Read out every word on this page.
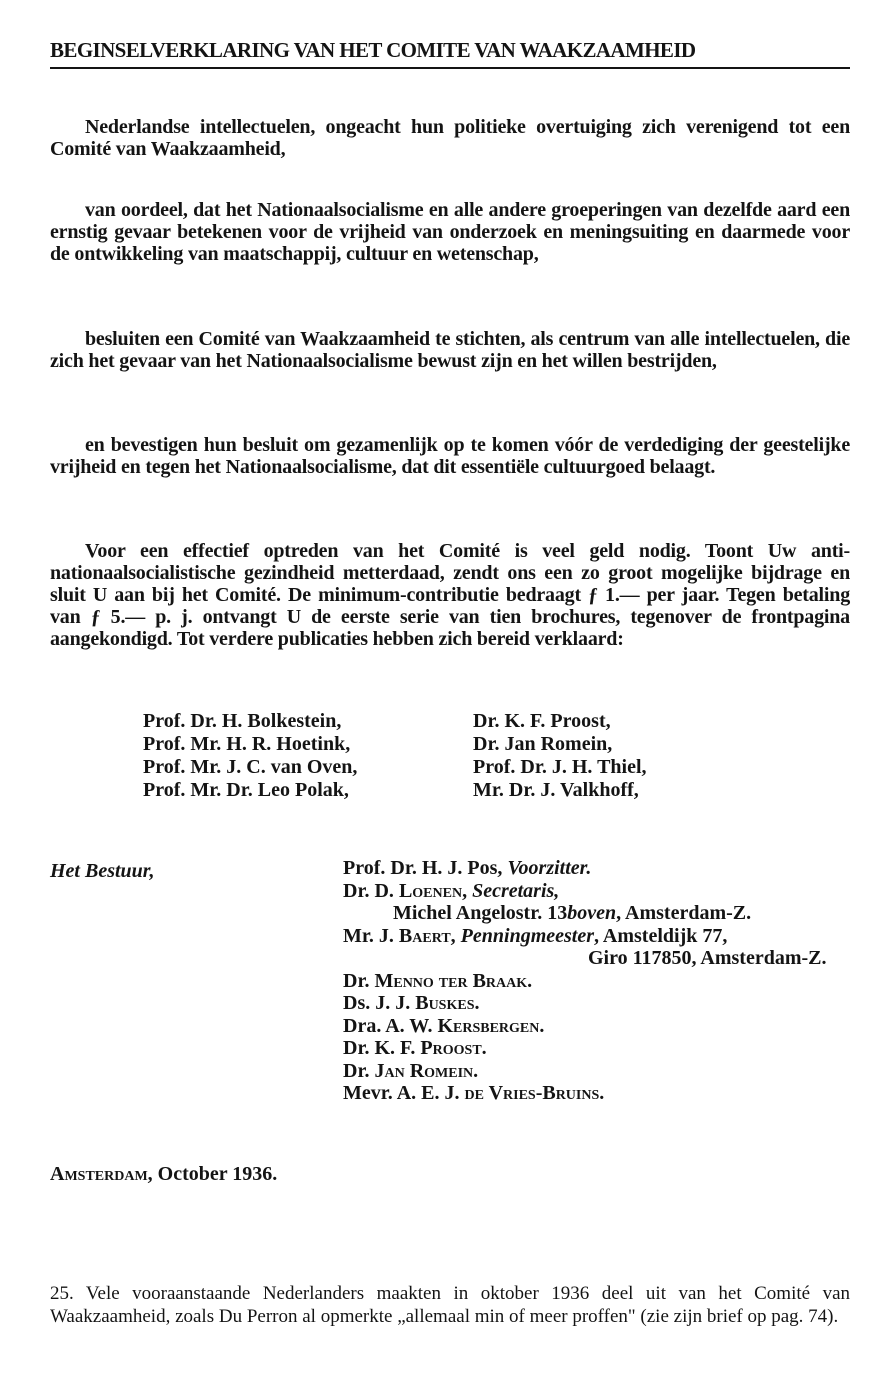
BEGINSELVERKLARING VAN HET COMITE VAN WAAKZAAMHEID

Nederlandse intellectuelen, ongeacht hun politieke overtuiging zich verenigend tot een Comité van Waakzaamheid,

van oordeel, dat het Nationaalsocialisme en alle andere groeperingen van dezelfde aard een ernstig gevaar betekenen voor de vrijheid van onderzoek en meningsuiting en daarmede voor de ontwikkeling van maatschappij, cultuur en wetenschap,

besluiten een Comité van Waakzaamheid te stichten, als centrum van alle intellectuelen, die zich het gevaar van het Nationaalsocialisme bewust zijn en het willen bestrijden,

en bevestigen hun besluit om gezamenlijk op te komen vóór de verdediging der geestelijke vrijheid en tegen het Nationaalsocialisme, dat dit essentiële cultuurgoed belaagt.

Voor een effectief optreden van het Comité is veel geld nodig. Toont Uw anti-nationaalsocialistische gezindheid metterdaad, zendt ons een zo groot mogelijke bijdrage en sluit U aan bij het Comité. De minimum-contributie bedraagt ƒ 1.— per jaar. Tegen betaling van ƒ 5.— p. j. ontvangt U de eerste serie van tien brochures, tegenover de frontpagina aangekondigd. Tot verdere publicaties hebben zich bereid verklaard:

Prof. Dr. H. Bolkestein,	Dr. K. F. Proost,
Prof. Mr. H. R. Hoetink,	Dr. Jan Romein,
Prof. Mr. J. C. van Oven,	Prof. Dr. J. H. Thiel,
Prof. Mr. Dr. Leo Polak,	Mr. Dr. J. Valkhoff,
Het Bestuur,	Prof. Dr. H. J. Pos, Voorzitter.
Dr. D. Loenen, Secretaris,
Michel Angelostr. 13boven, Amsterdam-Z.
Mr. J. Baert, Penningmeester, Amsteldijk 77,
Giro 117850, Amsterdam-Z.
Dr. Menno ter Braak.
Ds. J. J. Buskes.
Dra. A. W. Kersbergen.
Dr. K. F. Proost.
Dr. Jan Romein.
Mevr. A. E. J. de Vries-Bruins.
Amsterdam, October 1936.

25. Vele vooraanstaande Nederlanders maakten in oktober 1936 deel uit van het Comité van Waakzaamheid, zoals Du Perron al opmerkte „allemaal min of meer proffen" (zie zijn brief op pag. 74).
